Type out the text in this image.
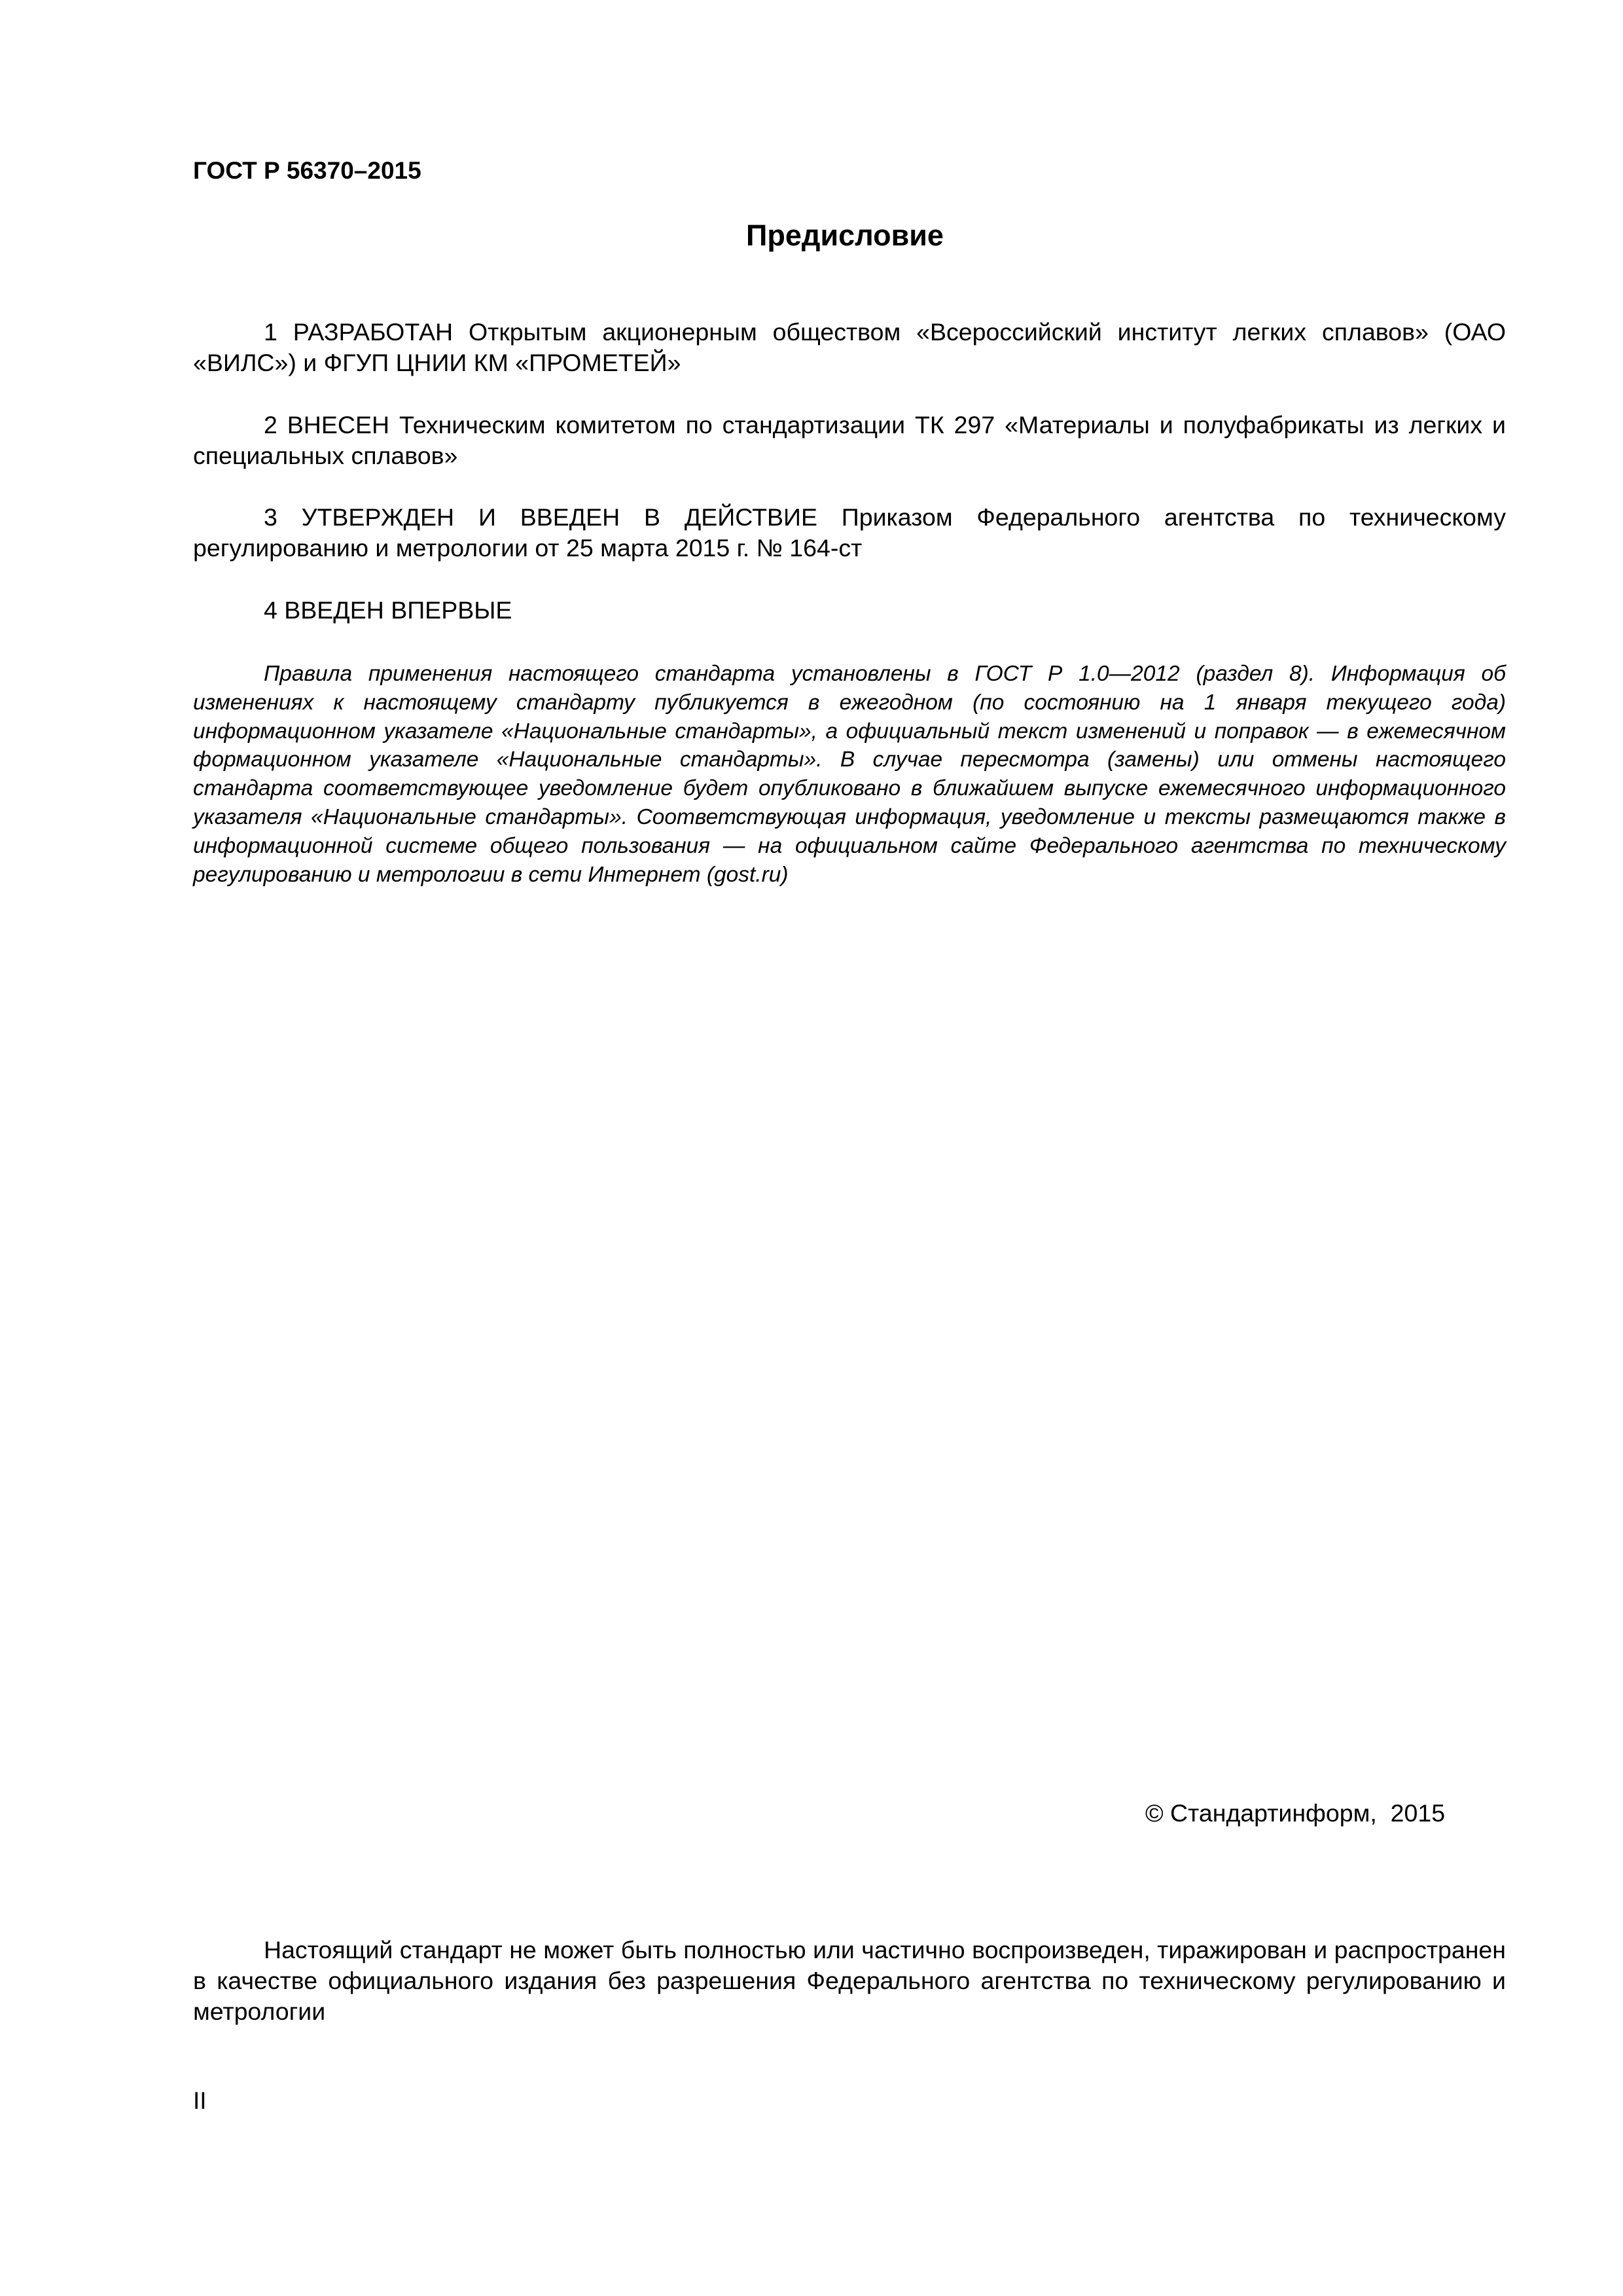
ГОСТ Р 56370–2015
Предисловие

1 РАЗРАБОТАН Открытым акционерным обществом «Всероссийский институт легких сплавов» (ОАО «ВИЛС») и ФГУП ЦНИИ КМ «ПРОМЕТЕЙ»

2 ВНЕСЕН Техническим комитетом по стандартизации ТК 297 «Материалы и полуфабрикаты из легких и специальных сплавов»

3 УТВЕРЖДЕН И ВВЕДЕН В ДЕЙСТВИЕ Приказом Федерального агентства по техническому регулированию и метрологии от 25 марта 2015 г. № 164-ст

4 ВВЕДЕН ВПЕРВЫЕ

Правила применения настоящего стандарта установлены в ГОСТ Р 1.0—2012 (раздел 8). Информация об изменениях к настоящему стандарту публикуется в ежегодном (по состоянию на 1 января текущего года) информационном указателе «Национальные стандарты», а официальный текст изменений и поправок — в ежемесячном формационном указателе «Национальные стандарты». В случае пересмотра (замены) или отмены настоящего стандарта соответствующее уведомление будет опубликовано в ближайшем выпуске ежемесячного информационного указателя «Национальные стандарты». Соответствующая информация, уведомление и тексты размещаются также в информационной системе общего пользования — на официальном сайте Федерального агентства по техническому регулированию и метрологии в сети Интернет (gost.ru)

© Стандартинформ,  2015

Настоящий стандарт не может быть полностью или частично воспроизведен, тиражирован и распространен в качестве официального издания без разрешения Федерального агентства по техническому регулированию и метрологии

II
